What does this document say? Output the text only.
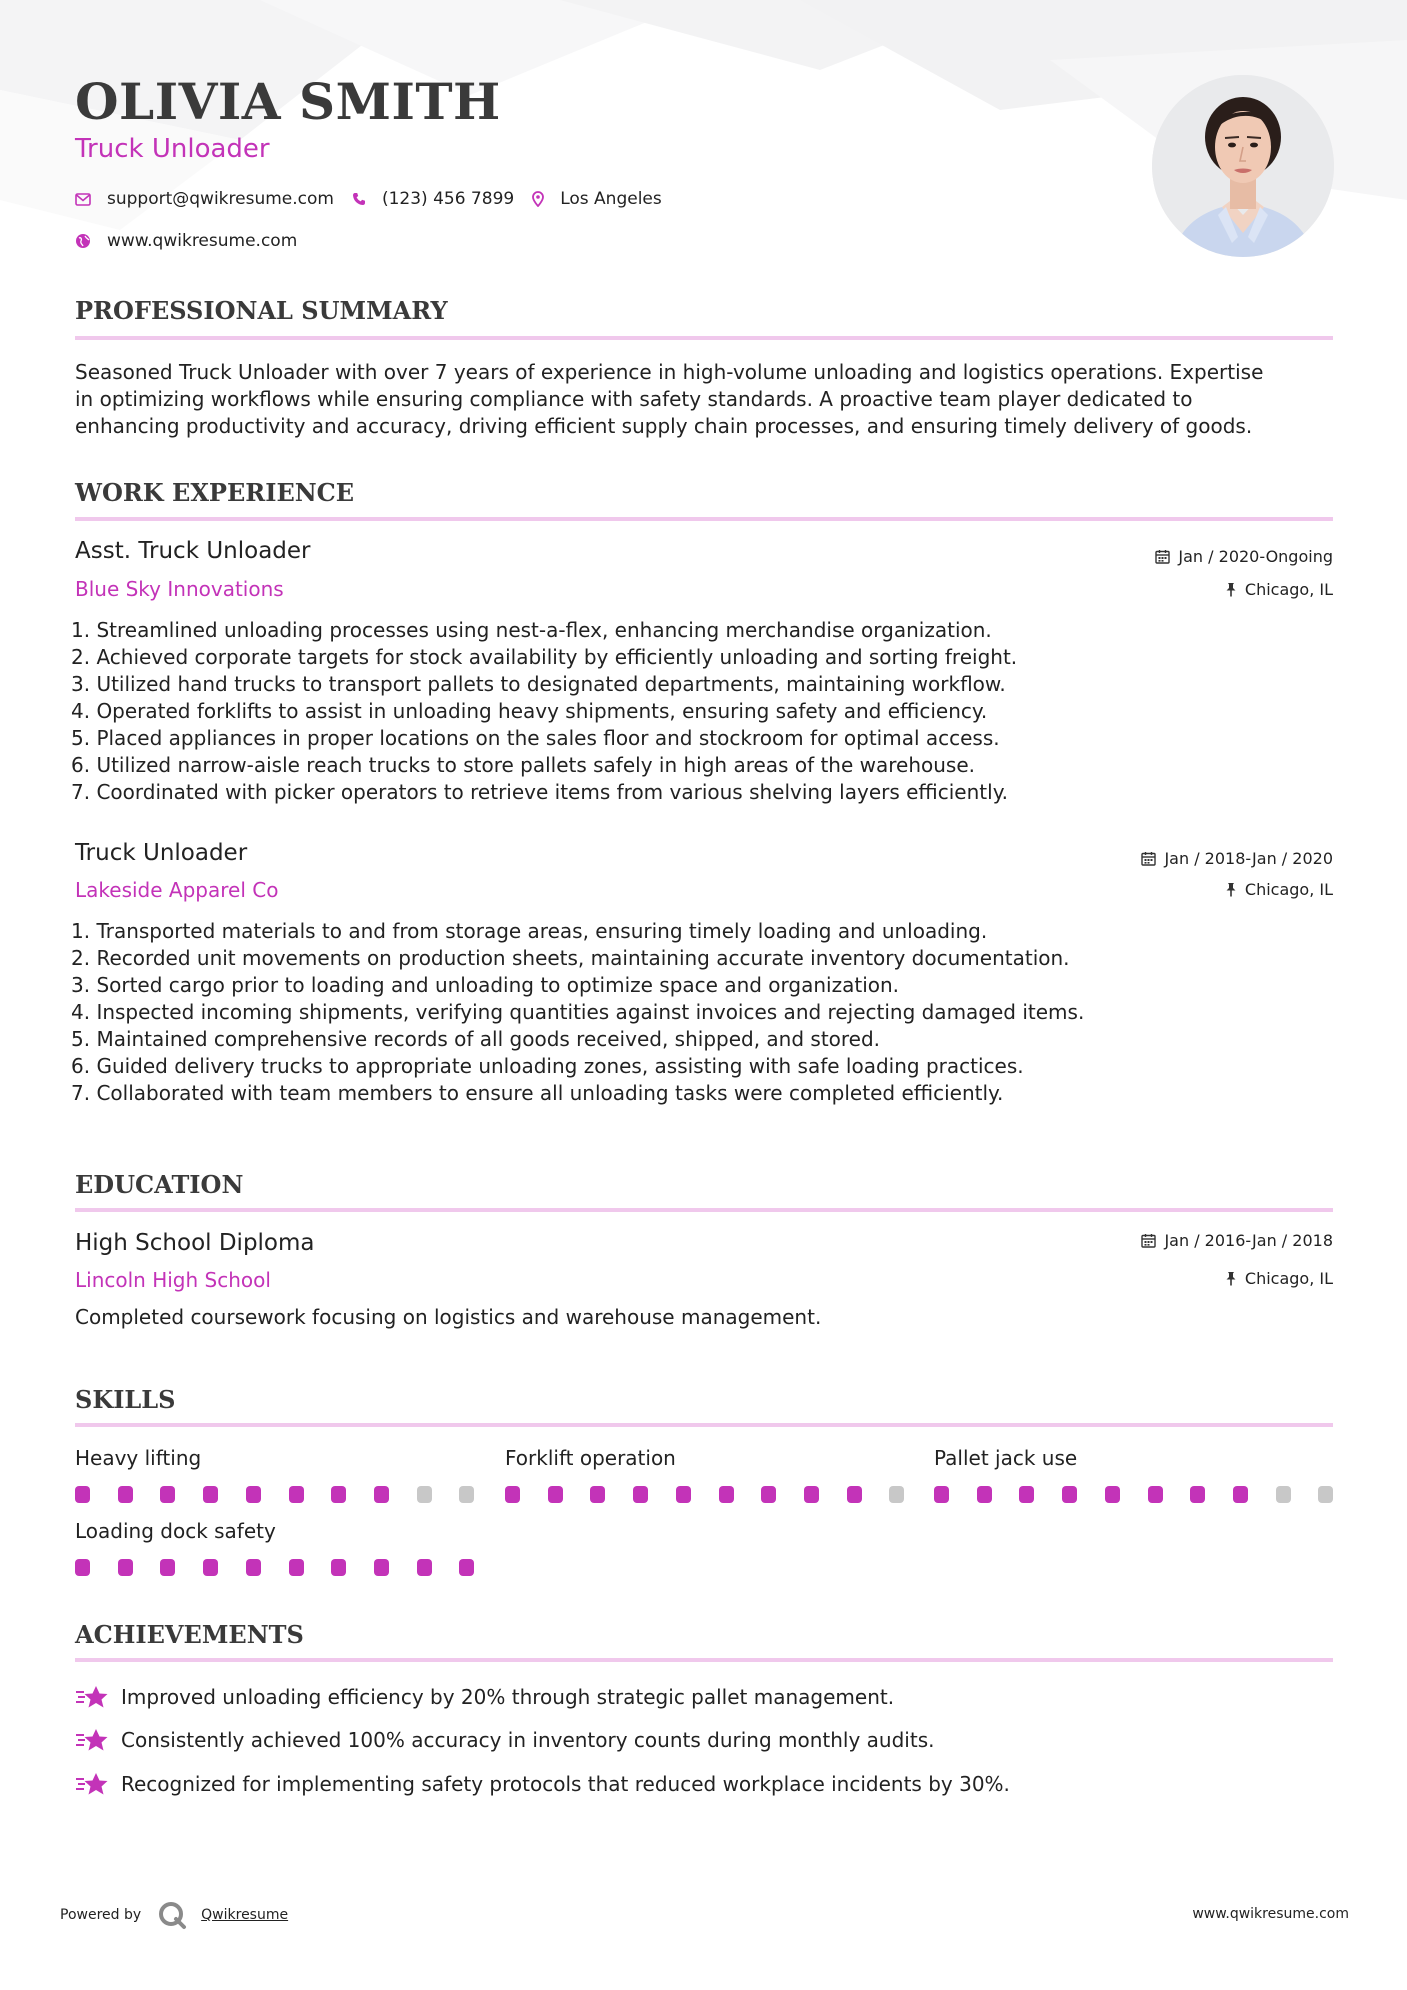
OLIVIA SMITH
Truck Unloader
support@qwikresume.com	(123) 456 7899	Los Angeles
www.qwikresume.com
PROFESSIONAL SUMMARY
Seasoned Truck Unloader with over 7 years of experience in high-volume unloading and logistics operations. Expertise
in optimizing workflows while ensuring compliance with safety standards. A proactive team player dedicated to
enhancing productivity and accuracy, driving efficient supply chain processes, and ensuring timely delivery of goods.
WORK EXPERIENCE
Asst. Truck Unloader
Blue Sky Innovations
Jan / 2020-Ongoing
Chicago, IL
1. Streamlined unloading processes using nest-a-flex, enhancing merchandise organization.
2. Achieved corporate targets for stock availability by efficiently unloading and sorting freight.
3. Utilized hand trucks to transport pallets to designated departments, maintaining workflow.
4. Operated forklifts to assist in unloading heavy shipments, ensuring safety and efficiency.
5. Placed appliances in proper locations on the sales floor and stockroom for optimal access.
6. Utilized narrow-aisle reach trucks to store pallets safely in high areas of the warehouse.
7. Coordinated with picker operators to retrieve items from various shelving layers efficiently.
Truck Unloader
Lakeside Apparel Co
Jan / 2018-Jan / 2020
Chicago, IL
1. Transported materials to and from storage areas, ensuring timely loading and unloading.
2. Recorded unit movements on production sheets, maintaining accurate inventory documentation.
3. Sorted cargo prior to loading and unloading to optimize space and organization.
4. Inspected incoming shipments, verifying quantities against invoices and rejecting damaged items.
5. Maintained comprehensive records of all goods received, shipped, and stored.
6. Guided delivery trucks to appropriate unloading zones, assisting with safe loading practices.
7. Collaborated with team members to ensure all unloading tasks were completed efficiently.
EDUCATION
High School Diploma
Lincoln High School
Jan / 2016-Jan / 2018
Chicago, IL
Completed coursework focusing on logistics and warehouse management.
SKILLS
Heavy lifting	Forklift operation	Pallet jack use
Loading dock safety
ACHIEVEMENTS
Improved unloading efficiency by 20% through strategic pallet management.
Consistently achieved 100% accuracy in inventory counts during monthly audits.
Recognized for implementing safety protocols that reduced workplace incidents by 30%.
Powered by	Qwikresume	www.qwikresume.com
